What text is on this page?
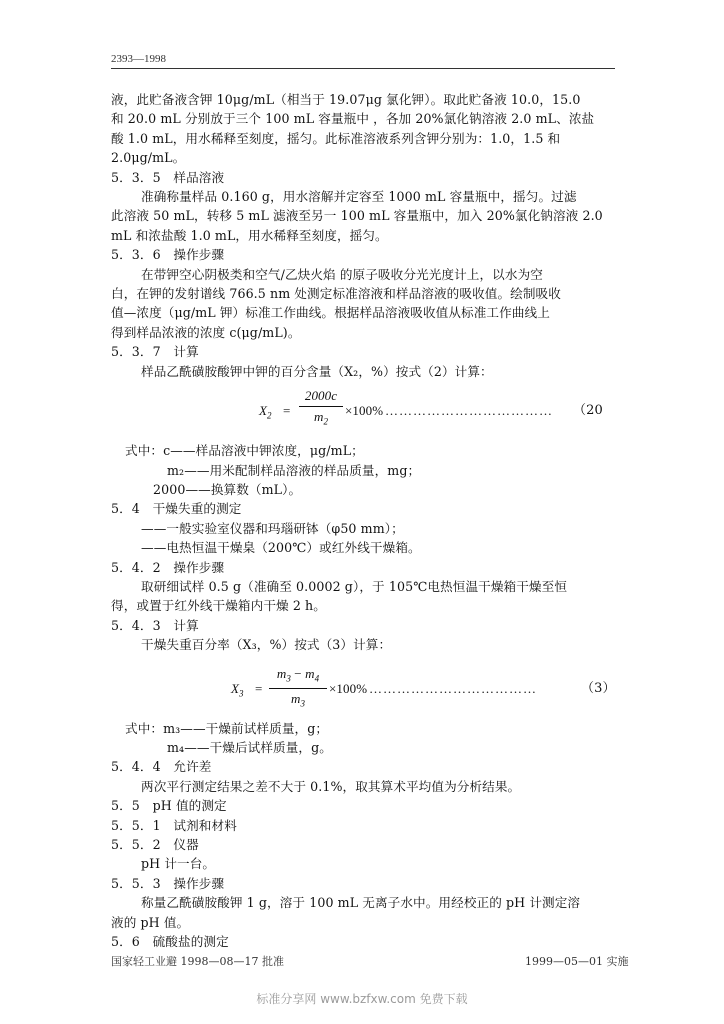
2393—1998

液，此贮备液含钾 10μg/mL（相当于 19.07μg 氯化钾）。取此贮备液 10.0，15.0

和 20.0 mL 分别放于三个 100 mL 容量瓶中 ，各加 20%氯化钠溶液 2.0 mL、浓盐

酸 1.0 mL，用水稀释至刻度，摇匀。此标准溶液系列含钾分别为：1.0，1.5 和

2.0μg/mL。

5．3．5　样品溶液

准确称量样品 0.160 g，用水溶解并定容至 1000 mL 容量瓶中，摇匀。过滤

此溶液 50 mL，转移 5 mL 滤液至另一 100 mL 容量瓶中，加入 20%氯化钠溶液 2.0

mL 和浓盐酸 1.0 mL，用水稀释至刻度，摇匀。

5．3．6　操作步骤

在带钾空心阴极类和空气/乙炔火焰 的原子吸收分光光度计上，以水为空

白，在钾的发射谱线 766.5 nm 处测定标准溶液和样品溶液的吸收值。绘制吸收

值—浓度（μg/mL 钾）标准工作曲线。根据样品溶液吸收值从标准工作曲线上

得到样品浓液的浓度 c(μg/mL)。

5．3．7　计算

样品乙酰磺胺酸钾中钾的百分含量（X₂，%）按式（2）计算：

$X_2$ =
2000c
$m_2$
×100% ……………………………… （20

式中：c——样品溶液中钾浓度，μg/mL；

m₂——用米配制样品溶液的样品质量，mg；

2000——换算数（mL）。

5．4　干燥失重的测定

——一般实验室仪器和玛瑙研钵（φ50 mm）；

——电热恒温干燥臬（200℃）或红外线干燥箱。

5．4．2　操作步骤

取研细试样 0.5 g（准确至 0.0002 g），于 105℃电热恒温干燥箱干燥至恒

得，或置于红外线干燥箱内干燥 2 h。

5．4．3　计算

干燥失重百分率（X₃，%）按式（3）计算：

$X_3$ =
$m_3 - m_4$
$m_3$
×100% ………………………………	（3）

式中：m₃——干燥前试样质量，g；

m₄——干燥后试样质量，g。

5．4．4　允许差

两次平行测定结果之差不大于 0.1%，取其算术平均值为分析结果。

5．5　pH 值的测定

5．5．1　试剂和材料

5．5．2　仪器

pH 计一台。

5．5．3　操作步骤

称量乙酰磺胺酸钾 1 g，溶于 100 mL 无离子水中。用经校正的 pH 计测定溶

液的 pH 值。

5．6　硫酸盐的测定

国家轻工业避 1998—08—17 批准	1999—05—01 实施
标准分享网 www.bzfxw.com 免费下载
